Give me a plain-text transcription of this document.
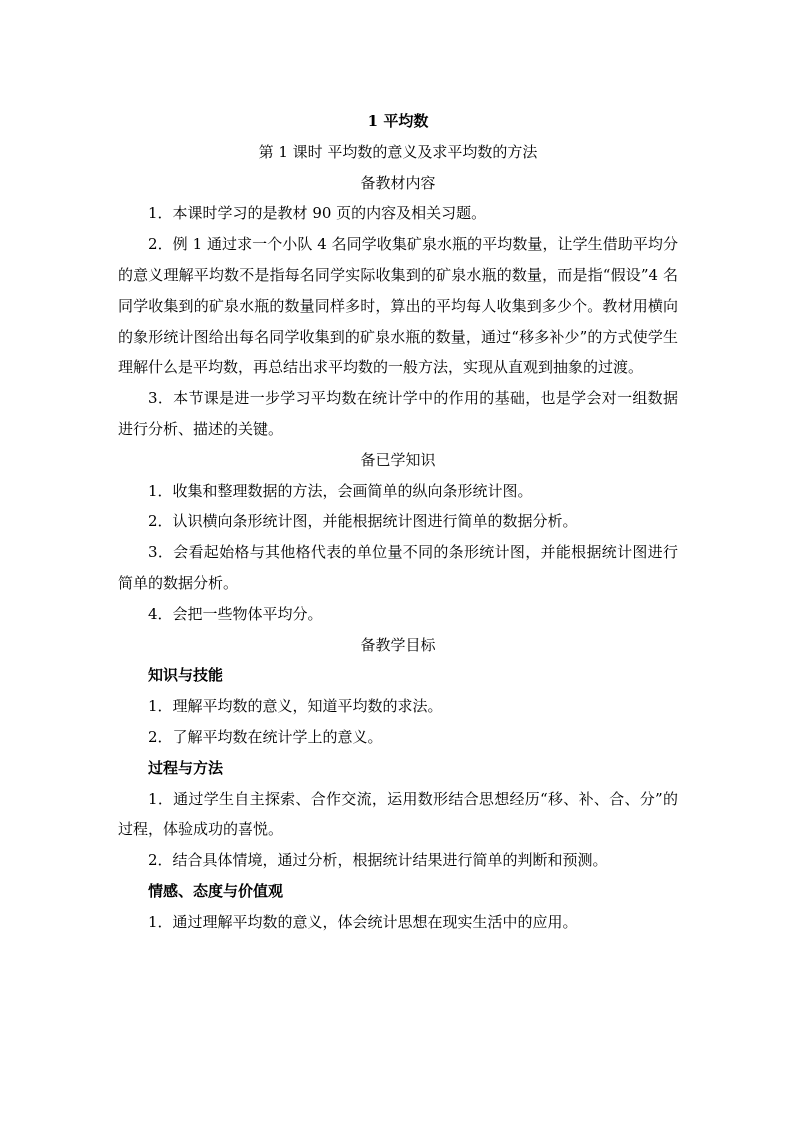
1 平均数
第 1 课时 平均数的意义及求平均数的方法
备教材内容
1．本课时学习的是教材 90 页的内容及相关习题。
2．例 1 通过求一个小队 4 名同学收集矿泉水瓶的平均数量，让学生借助平均分的意义理解平均数不是指每名同学实际收集到的矿泉水瓶的数量，而是指“假设”4 名同学收集到的矿泉水瓶的数量同样多时，算出的平均每人收集到多少个。教材用横向的象形统计图给出每名同学收集到的矿泉水瓶的数量，通过“移多补少”的方式使学生理解什么是平均数，再总结出求平均数的一般方法，实现从直观到抽象的过渡。
3．本节课是进一步学习平均数在统计学中的作用的基础，也是学会对一组数据进行分析、描述的关键。
备已学知识
1．收集和整理数据的方法，会画简单的纵向条形统计图。
2．认识横向条形统计图，并能根据统计图进行简单的数据分析。
3．会看起始格与其他格代表的单位量不同的条形统计图，并能根据统计图进行简单的数据分析。
4．会把一些物体平均分。
备教学目标
知识与技能
1．理解平均数的意义，知道平均数的求法。
2．了解平均数在统计学上的意义。
过程与方法
1．通过学生自主探索、合作交流，运用数形结合思想经历“移、补、合、分”的过程，体验成功的喜悦。
2．结合具体情境，通过分析，根据统计结果进行简单的判断和预测。
情感、态度与价值观
1．通过理解平均数的意义，体会统计思想在现实生活中的应用。
